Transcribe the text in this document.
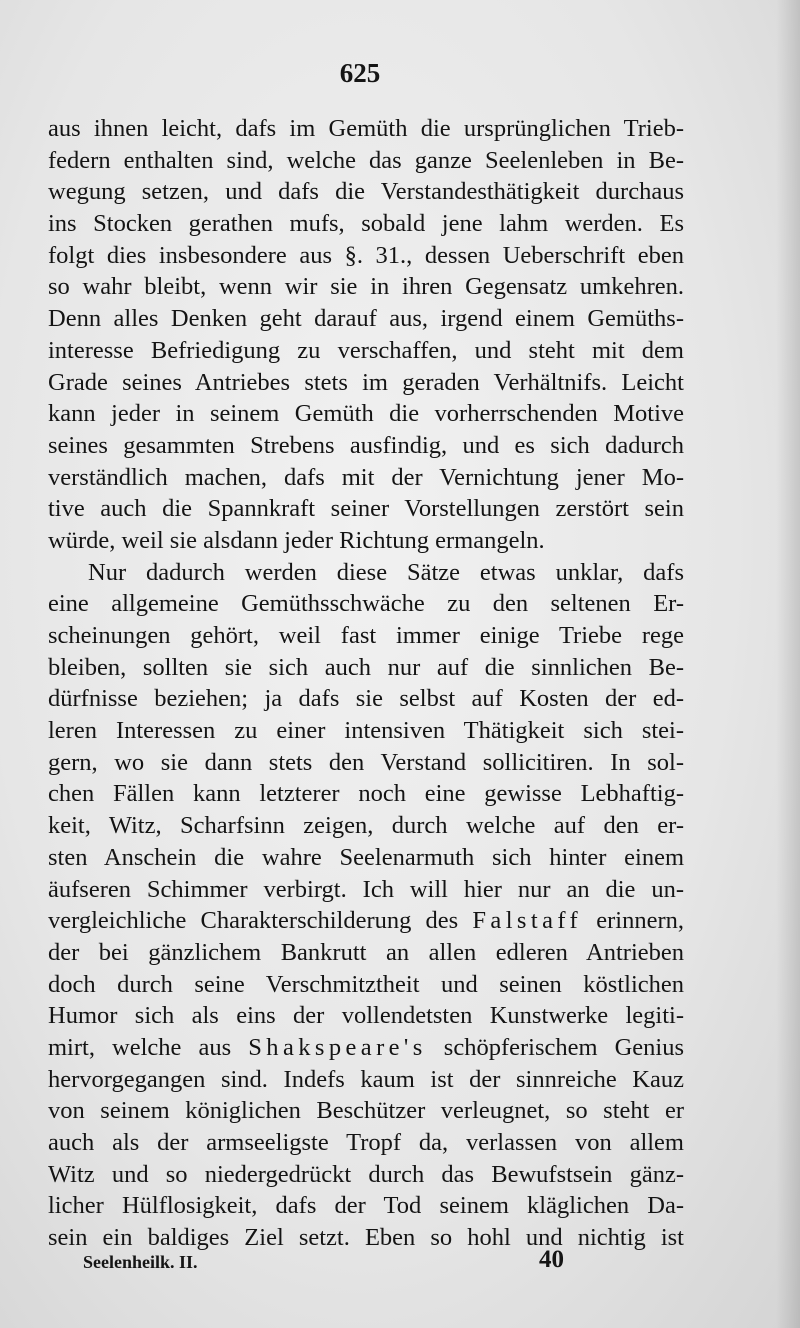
625
aus ihnen leicht, dafs im Gemüth die ursprünglichen Trieb-
federn enthalten sind, welche das ganze Seelenleben in Be-
wegung setzen, und dafs die Verstandesthätigkeit durchaus
ins Stocken gerathen mufs, sobald jene lahm werden. Es
folgt dies insbesondere aus §. 31., dessen Ueberschrift eben
so wahr bleibt, wenn wir sie in ihren Gegensatz umkehren.
Denn alles Denken geht darauf aus, irgend einem Gemüths-
interesse Befriedigung zu verschaffen, und steht mit dem
Grade seines Antriebes stets im geraden Verhältnifs. Leicht
kann jeder in seinem Gemüth die vorherrschenden Motive
seines gesammten Strebens ausfindig, und es sich dadurch
verständlich machen, dafs mit der Vernichtung jener Mo-
tive auch die Spannkraft seiner Vorstellungen zerstört sein
würde, weil sie alsdann jeder Richtung ermangeln.
Nur dadurch werden diese Sätze etwas unklar, dafs
eine allgemeine Gemüthsschwäche zu den seltenen Er-
scheinungen gehört, weil fast immer einige Triebe rege
bleiben, sollten sie sich auch nur auf die sinnlichen Be-
dürfnisse beziehen; ja dafs sie selbst auf Kosten der ed-
leren Interessen zu einer intensiven Thätigkeit sich stei-
gern, wo sie dann stets den Verstand sollicitiren. In sol-
chen Fällen kann letzterer noch eine gewisse Lebhaftig-
keit, Witz, Scharfsinn zeigen, durch welche auf den er-
sten Anschein die wahre Seelenarmuth sich hinter einem
äufseren Schimmer verbirgt. Ich will hier nur an die un-
vergleichliche Charakterschilderung des Falstaff erinnern,
der bei gänzlichem Bankrutt an allen edleren Antrieben
doch durch seine Verschmitztheit und seinen köstlichen
Humor sich als eins der vollendetsten Kunstwerke legiti-
mirt, welche aus Shakspeare's schöpferischem Genius
hervorgegangen sind. Indefs kaum ist der sinnreiche Kauz
von seinem königlichen Beschützer verleugnet, so steht er
auch als der armseeligste Tropf da, verlassen von allem
Witz und so niedergedrückt durch das Bewufstsein gänz-
licher Hülflosigkeit, dafs der Tod seinem kläglichen Da-
sein ein baldiges Ziel setzt. Eben so hohl und nichtig ist
Seelenheilk. II.	40
